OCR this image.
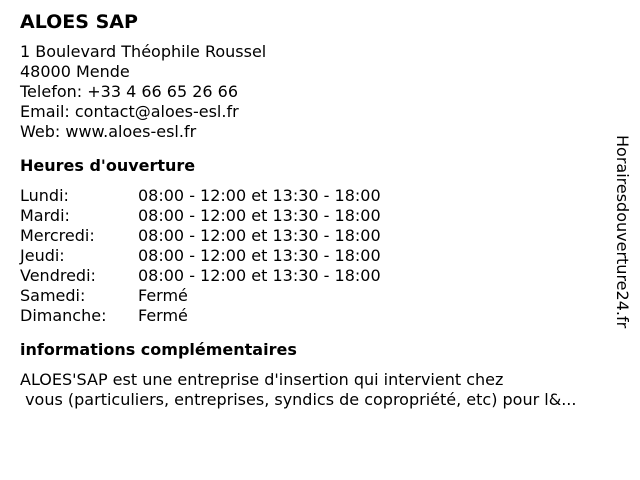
ALOES SAP
1 Boulevard Théophile Roussel
48000 Mende
Telefon: +33 4 66 65 26 66
Email: contact@aloes-esl.fr
Web: www.aloes-esl.fr
Heures d'ouverture
Lundi:	08:00 - 12:00 et 13:30 - 18:00
Mardi:	08:00 - 12:00 et 13:30 - 18:00
Mercredi:	08:00 - 12:00 et 13:30 - 18:00
Jeudi:	08:00 - 12:00 et 13:30 - 18:00
Vendredi:	08:00 - 12:00 et 13:30 - 18:00
Samedi:	Fermé
Dimanche:	Fermé
informations complémentaires
ALOES'SAP est une entreprise d'insertion qui intervient chez
vous (particuliers, entreprises, syndics de copropriété, etc) pour l&...
Horairesdouverture24.fr
